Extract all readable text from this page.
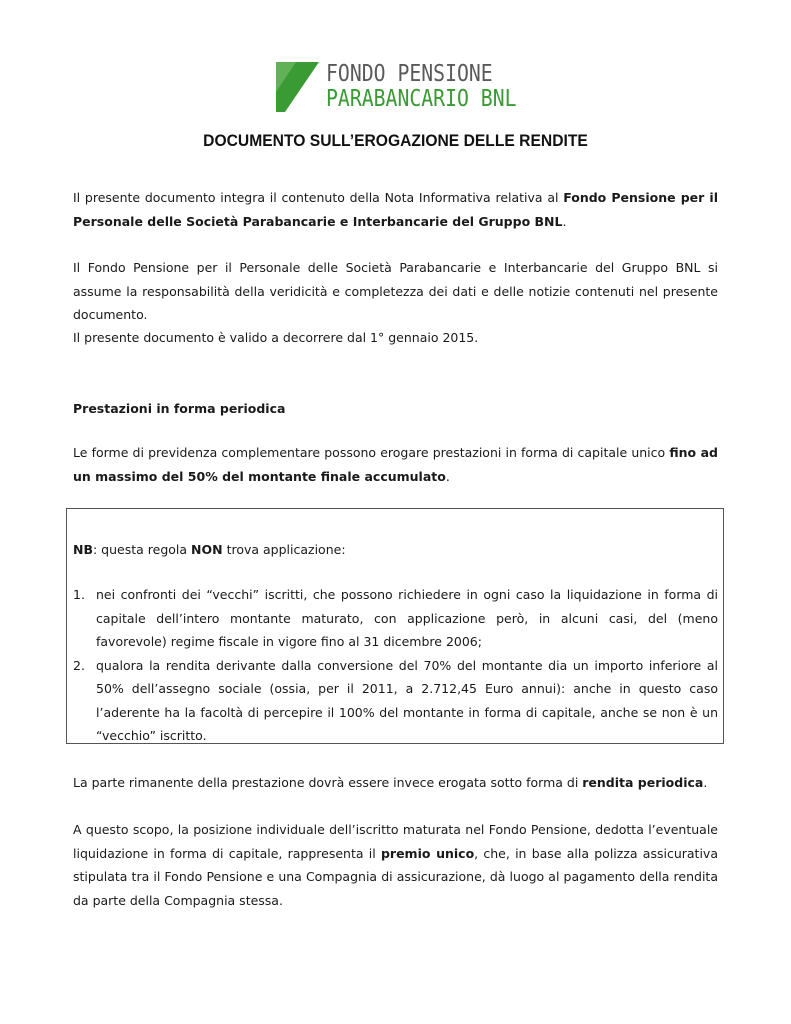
FONDO PENSIONE
PARABANCARIO BNL
DOCUMENTO SULL’EROGAZIONE DELLE RENDITE
Il presente documento integra il contenuto della Nota Informativa relativa al Fondo Pensione per il Personale delle Società Parabancarie e Interbancarie del Gruppo BNL.
Il Fondo Pensione per il Personale delle Società Parabancarie e Interbancarie del Gruppo BNL si assume la responsabilità della veridicità e completezza dei dati e delle notizie contenuti nel presente documento.
Il presente documento è valido a decorrere dal 1° gennaio 2015.
Prestazioni in forma periodica
Le forme di previdenza complementare possono erogare prestazioni in forma di capitale unico fino ad un massimo del 50% del montante finale accumulato.
NB: questa regola NON trova applicazione:
1. nei confronti dei “vecchi” iscritti, che possono richiedere in ogni caso la liquidazione in forma di capitale dell’intero montante maturato, con applicazione però, in alcuni casi, del (meno favorevole) regime fiscale in vigore fino al 31 dicembre 2006;
2. qualora la rendita derivante dalla conversione del 70% del montante dia un importo inferiore al 50% dell’assegno sociale (ossia, per il 2011, a 2.712,45 Euro annui): anche in questo caso l’aderente ha la facoltà di percepire il 100% del montante in forma di capitale, anche se non è un “vecchio” iscritto.
La parte rimanente della prestazione dovrà essere invece erogata sotto forma di rendita periodica.
A questo scopo, la posizione individuale dell’iscritto maturata nel Fondo Pensione, dedotta l’eventuale liquidazione in forma di capitale, rappresenta il premio unico, che, in base alla polizza assicurativa stipulata tra il Fondo Pensione e una Compagnia di assicurazione, dà luogo al pagamento della rendita da parte della Compagnia stessa.
